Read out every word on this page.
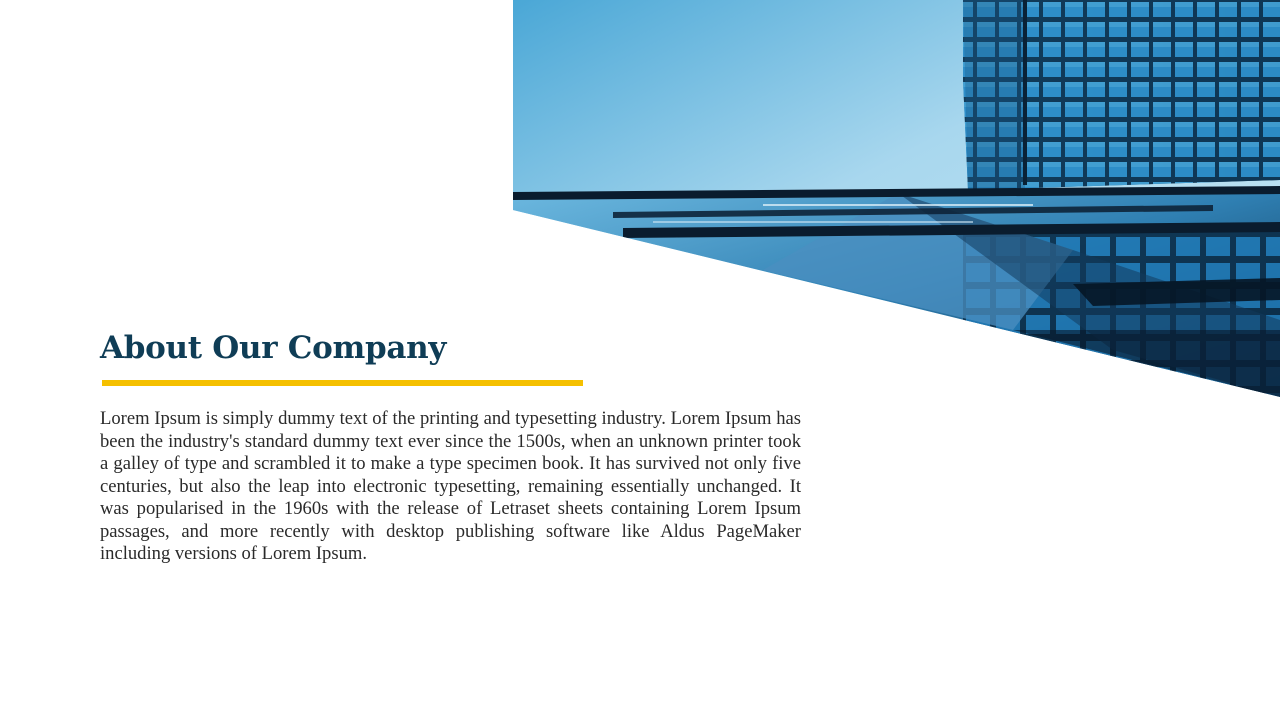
About Our Company

Lorem Ipsum is simply dummy text of the printing and typesetting industry. Lorem Ipsum has been the industry's standard dummy text ever since the 1500s, when an unknown printer took a galley of type and scrambled it to make a type specimen book. It has survived not only five centuries, but also the leap into electronic typesetting, remaining essentially unchanged. It was popularised in the 1960s with the release of Letraset sheets containing Lorem Ipsum passages, and more recently with desktop publishing software like Aldus PageMaker including versions of Lorem Ipsum.
